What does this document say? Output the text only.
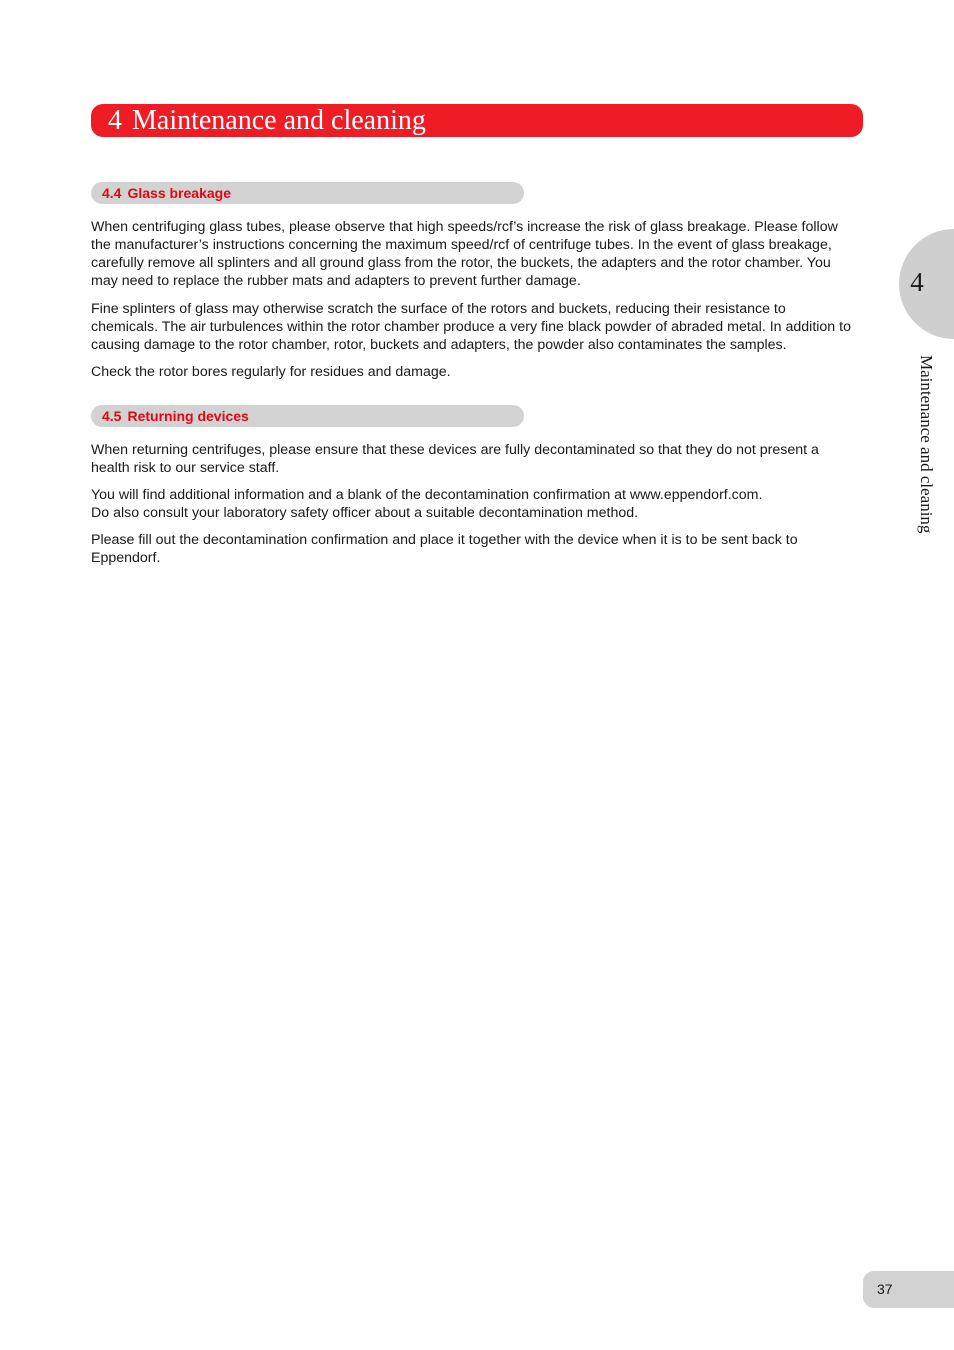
4 Maintenance and cleaning
4.4 Glass breakage

When centrifuging glass tubes, please observe that high speeds/rcf’s increase the risk of glass breakage. Please follow the manufacturer’s instructions concerning the maximum speed/rcf of centrifuge tubes. In the event of glass breakage, carefully remove all splinters and all ground glass from the rotor, the buckets, the adapters and the rotor chamber. You may need to replace the rubber mats and adapters to prevent further damage.

Fine splinters of glass may otherwise scratch the surface of the rotors and buckets, reducing their resistance to chemicals. The air turbulences within the rotor chamber produce a very fine black powder of abraded metal. In addition to causing damage to the rotor chamber, rotor, buckets and adapters, the powder also contaminates the samples.

Check the rotor bores regularly for residues and damage.

4.5 Returning devices

When returning centrifuges, please ensure that these devices are fully decontaminated so that they do not present a health risk to our service staff.

You will find additional information and a blank of the decontamination confirmation at www.eppendorf.com.

Do also consult your laboratory safety officer about a suitable decontamination method.

Please fill out the decontamination confirmation and place it together with the device when it is to be sent back to Eppendorf.

4
Maintenance and cleaning
37
